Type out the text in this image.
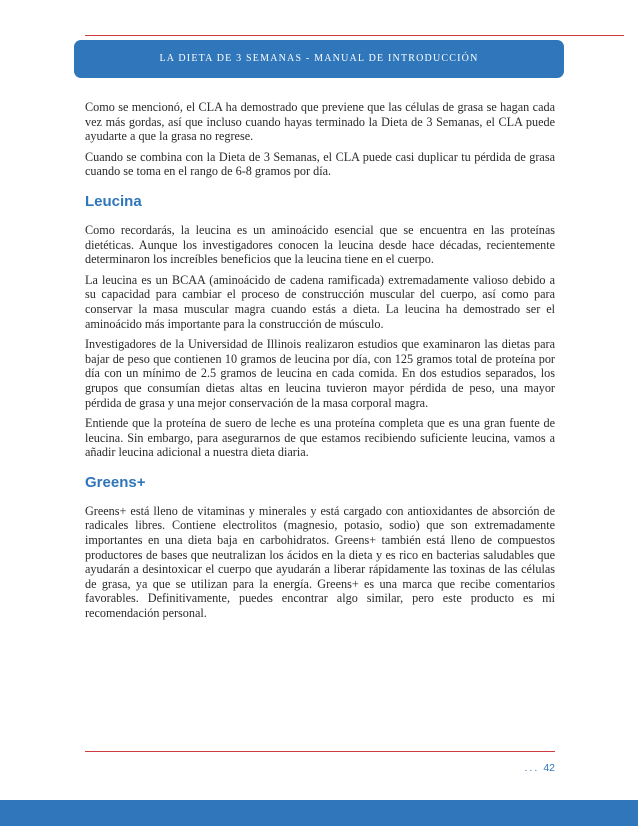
LA DIETA DE 3 SEMANAS - MANUAL DE INTRODUCCIÓN

Como se mencionó, el CLA ha demostrado que previene que las células de grasa se hagan cada vez más gordas, así que incluso cuando hayas terminado la Dieta de 3 Semanas, el CLA puede ayudarte a que la grasa no regrese.

Cuando se combina con la Dieta de 3 Semanas, el CLA puede casi duplicar tu pérdida de grasa cuando se toma en el rango de 6-8 gramos por día.

Leucina

Como recordarás, la leucina es un aminoácido esencial que se encuentra en las proteínas dietéticas. Aunque los investigadores conocen la leucina desde hace décadas, recientemente determinaron los increíbles beneficios que la leucina tiene en el cuerpo.

La leucina es un BCAA (aminoácido de cadena ramificada) extremadamente valioso debido a su capacidad para cambiar el proceso de construcción muscular del cuerpo, así como para conservar la masa muscular magra cuando estás a dieta. La leucina ha demostrado ser el aminoácido más importante para la construcción de músculo.

Investigadores de la Universidad de Illinois realizaron estudios que examinaron las dietas para bajar de peso que contienen 10 gramos de leucina por día, con 125 gramos total de proteína por día con un mínimo de 2.5 gramos de leucina en cada comida. En dos estudios separados, los grupos que consumían dietas altas en leucina tuvieron mayor pérdida de peso, una mayor pérdida de grasa y una mejor conservación de la masa corporal magra.

Entiende que la proteína de suero de leche es una proteína completa que es una gran fuente de leucina. Sin embargo, para asegurarnos de que estamos recibiendo suficiente leucina, vamos a añadir leucina adicional a nuestra dieta diaria.

Greens+

Greens+ está lleno de vitaminas y minerales y está cargado con antioxidantes de absorción de radicales libres. Contiene electrolitos (magnesio, potasio, sodio) que son extremadamente importantes en una dieta baja en carbohidratos. Greens+ también está lleno de compuestos productores de bases que neutralizan los ácidos en la dieta y es rico en bacterias saludables que ayudarán a desintoxicar el cuerpo que ayudarán a liberar rápidamente las toxinas de las células de grasa, ya que se utilizan para la energía. Greens+ es una marca que recibe comentarios favorables. Definitivamente, puedes encontrar algo similar, pero este producto es mi recomendación personal.

... 42
